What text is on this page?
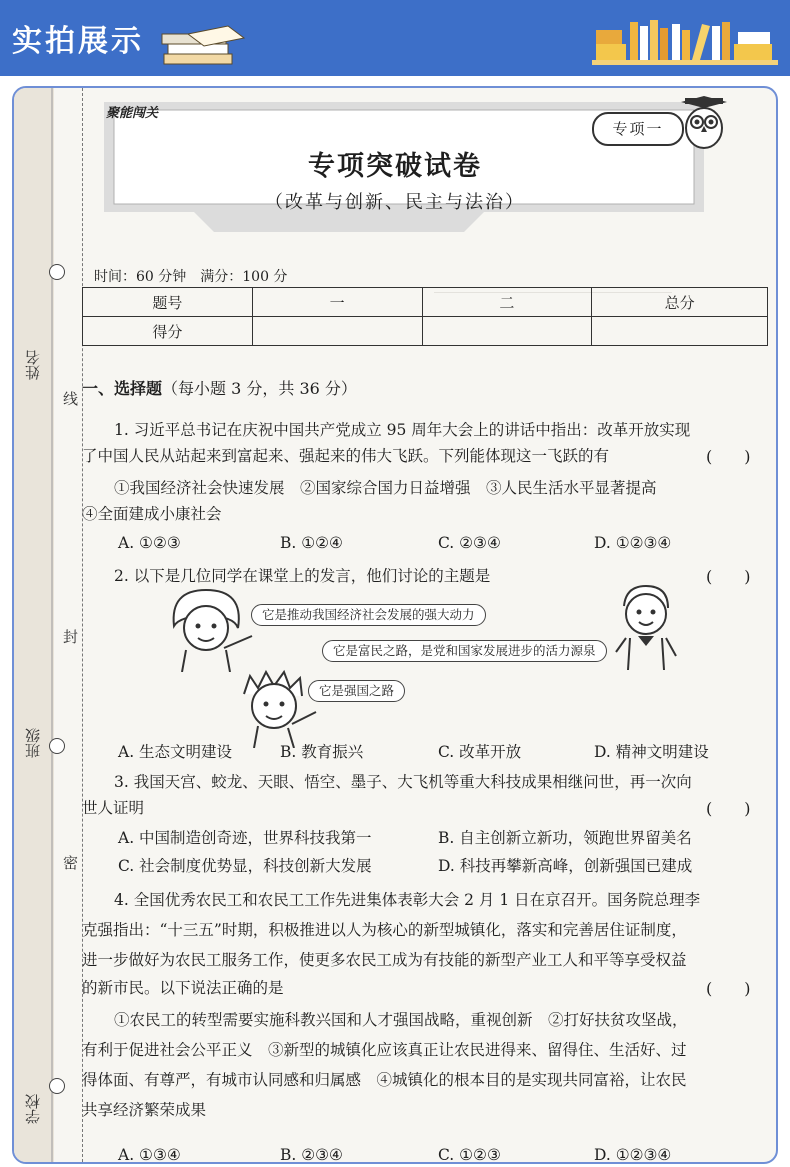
实拍展示
姓名
班级
学校
线
封
密
＿＿＿＿＿＿＿＿＿＿＿＿＿＿＿＿＿
聚能闯关
专项一
专项突破试卷
（改革与创新、民主与法治）
时间：60 分钟　满分：100 分
题号	一	二	总分
得分			
一、选择题（每小题 3 分，共 36 分）
1. 习近平总书记在庆祝中国共产党成立 95 周年大会上的讲话中指出：改革开放实现
了中国人民从站起来到富起来、强起来的伟大飞跃。下列能体现这一飞跃的有	(　　)
①我国经济社会快速发展　②国家综合国力日益增强　③人民生活水平显著提高
④全面建成小康社会
A. ①②③	B. ①②④	C. ②③④	D. ①②③④
2. 以下是几位同学在课堂上的发言，他们讨论的主题是	(　　)
它是推动我国经济社会发展的强大动力
它是富民之路，是党和国家发展进步的活力源泉
它是强国之路
A. 生态文明建设	B. 教育振兴	C. 改革开放	D. 精神文明建设
3. 我国天宫、蛟龙、天眼、悟空、墨子、大飞机等重大科技成果相继问世，再一次向
世人证明	(　　)
A. 中国制造创奇迹，世界科技我第一	B. 自主创新立新功，领跑世界留美名
C. 社会制度优势显，科技创新大发展	D. 科技再攀新高峰，创新强国已建成
4. 全国优秀农民工和农民工工作先进集体表彰大会 2 月 1 日在京召开。国务院总理李
克强指出：“十三五”时期，积极推进以人为核心的新型城镇化，落实和完善居住证制度，
进一步做好为农民工服务工作，使更多农民工成为有技能的新型产业工人和平等享受权益
的新市民。以下说法正确的是	(　　)
①农民工的转型需要实施科教兴国和人才强国战略，重视创新　②打好扶贫攻坚战，
有利于促进社会公平正义　③新型的城镇化应该真正让农民进得来、留得住、生活好、过
得体面、有尊严，有城市认同感和归属感　④城镇化的根本目的是实现共同富裕，让农民
共享经济繁荣成果
A. ①③④	B. ②③④	C. ①②③	D. ①②③④
